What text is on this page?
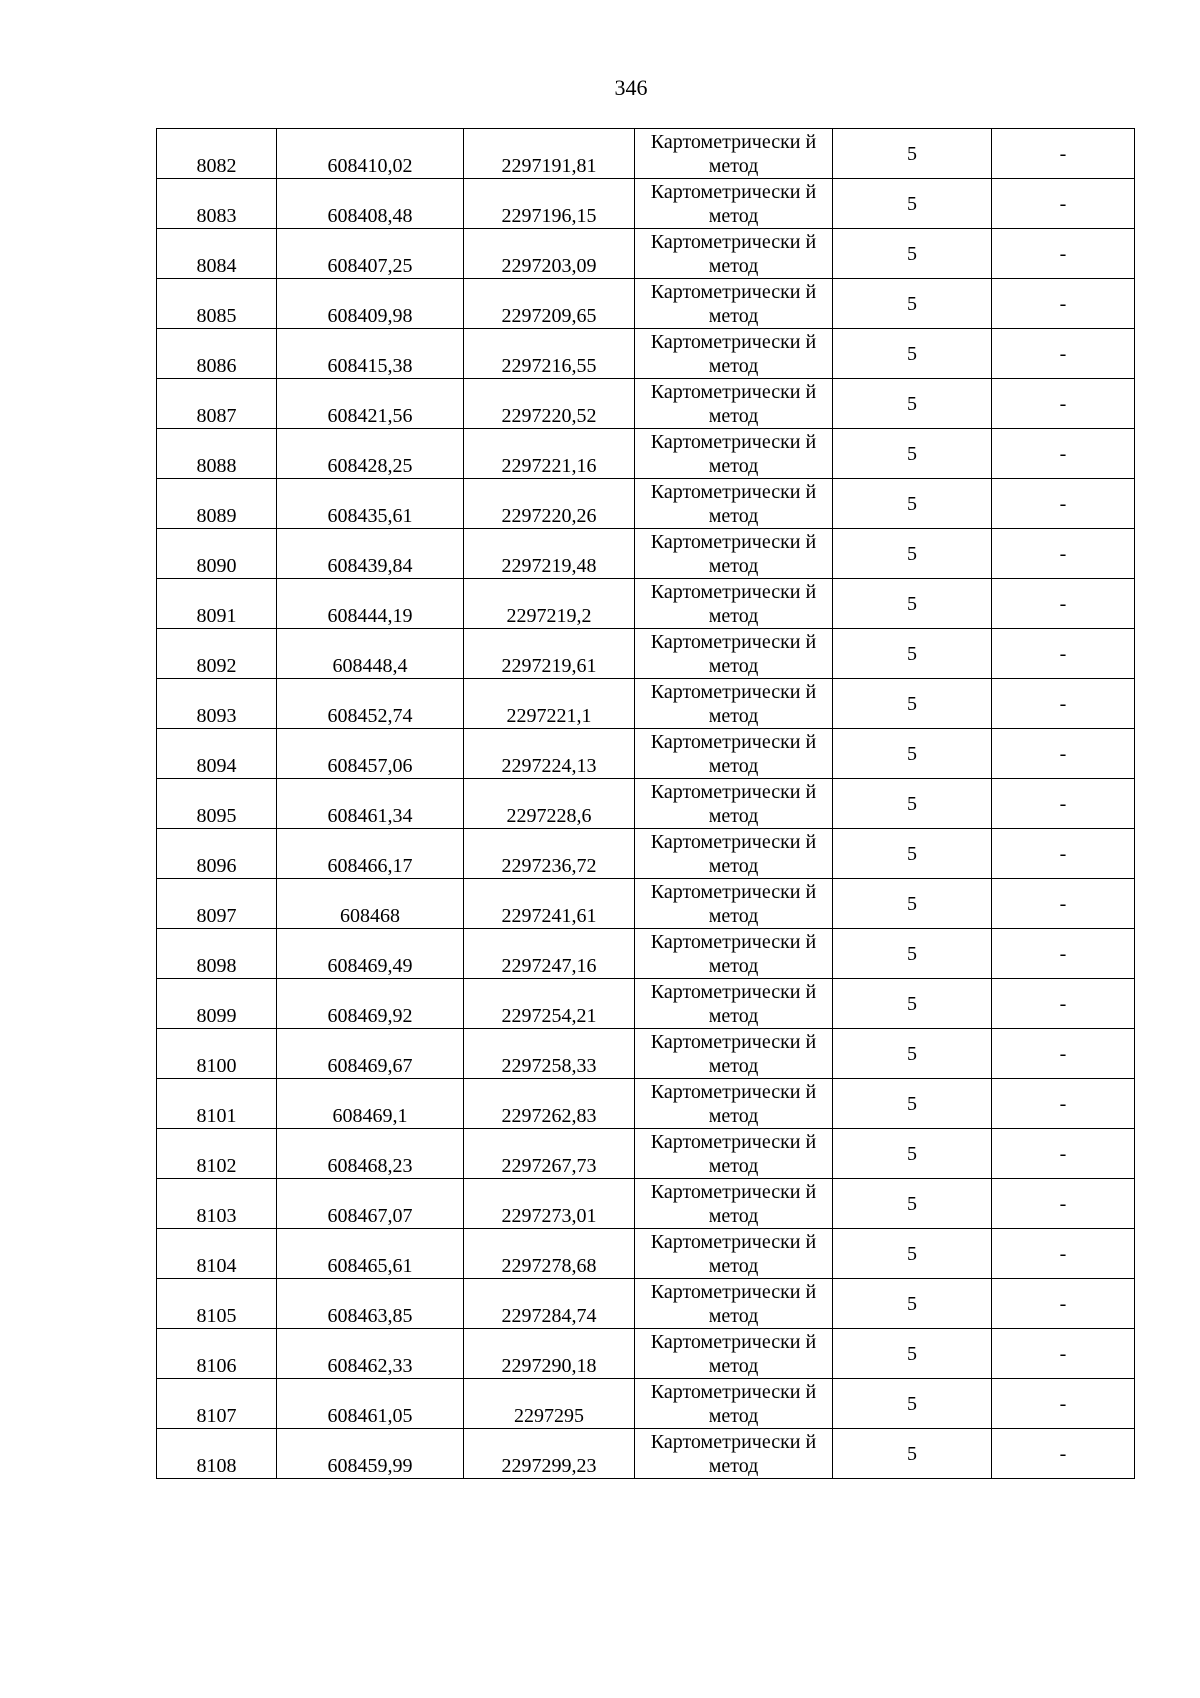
346
8082	608410,02	2297191,81	Картометрически й метод	5	-
8083	608408,48	2297196,15	Картометрически й метод	5	-
8084	608407,25	2297203,09	Картометрически й метод	5	-
8085	608409,98	2297209,65	Картометрически й метод	5	-
8086	608415,38	2297216,55	Картометрически й метод	5	-
8087	608421,56	2297220,52	Картометрически й метод	5	-
8088	608428,25	2297221,16	Картометрически й метод	5	-
8089	608435,61	2297220,26	Картометрически й метод	5	-
8090	608439,84	2297219,48	Картометрически й метод	5	-
8091	608444,19	2297219,2	Картометрически й метод	5	-
8092	608448,4	2297219,61	Картометрически й метод	5	-
8093	608452,74	2297221,1	Картометрически й метод	5	-
8094	608457,06	2297224,13	Картометрически й метод	5	-
8095	608461,34	2297228,6	Картометрически й метод	5	-
8096	608466,17	2297236,72	Картометрически й метод	5	-
8097	608468	2297241,61	Картометрически й метод	5	-
8098	608469,49	2297247,16	Картометрически й метод	5	-
8099	608469,92	2297254,21	Картометрически й метод	5	-
8100	608469,67	2297258,33	Картометрически й метод	5	-
8101	608469,1	2297262,83	Картометрически й метод	5	-
8102	608468,23	2297267,73	Картометрически й метод	5	-
8103	608467,07	2297273,01	Картометрически й метод	5	-
8104	608465,61	2297278,68	Картометрически й метод	5	-
8105	608463,85	2297284,74	Картометрически й метод	5	-
8106	608462,33	2297290,18	Картометрически й метод	5	-
8107	608461,05	2297295	Картометрически й метод	5	-
8108	608459,99	2297299,23	Картометрически й метод	5	-
